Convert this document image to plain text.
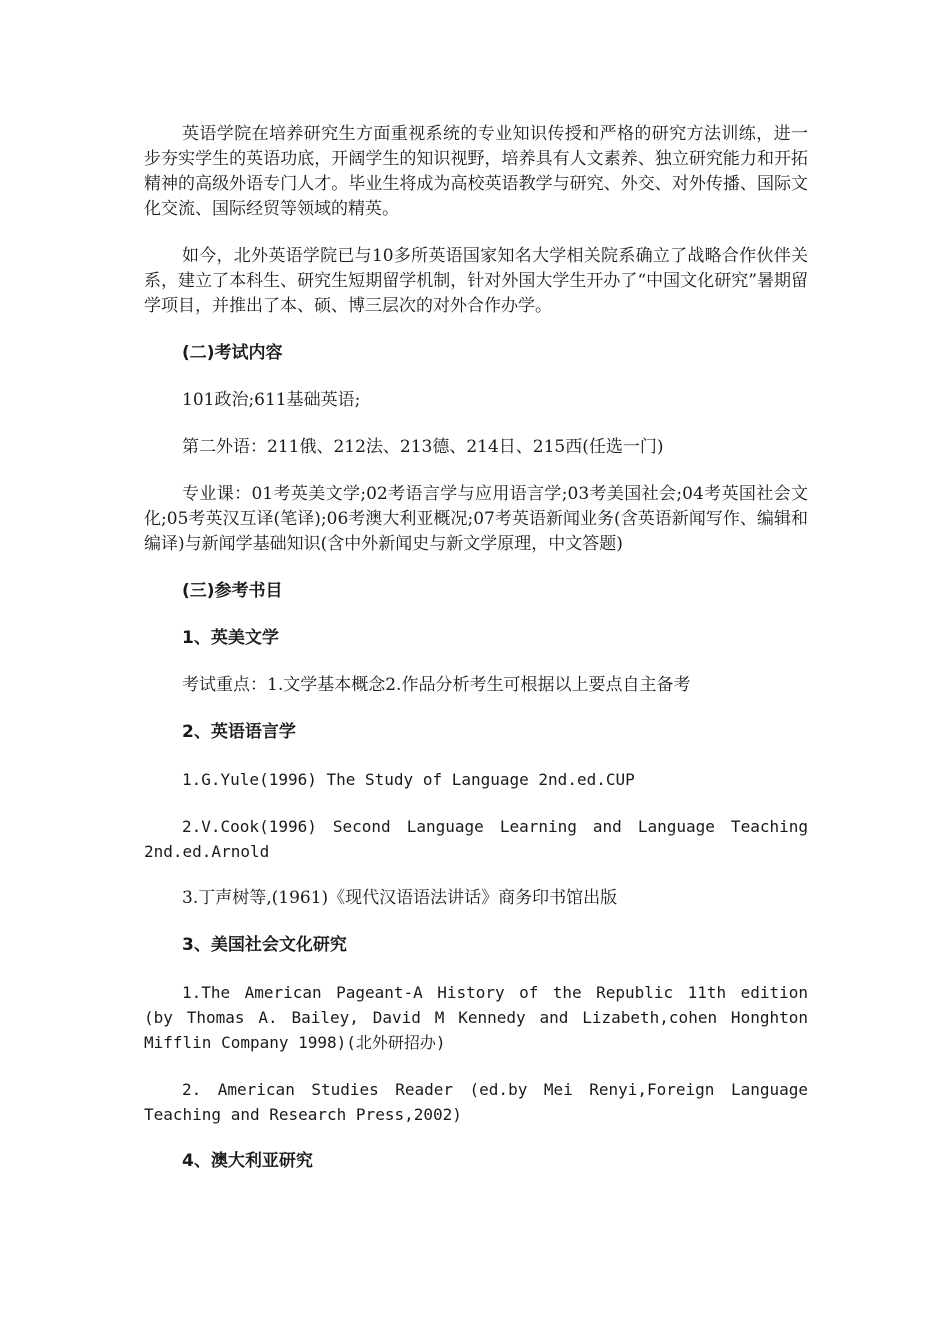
英语学院在培养研究生方面重视系统的专业知识传授和严格的研究方法训练，进一步夯实学生的英语功底，开阔学生的知识视野，培养具有人文素养、独立研究能力和开拓精神的高级外语专门人才。毕业生将成为高校英语教学与研究、外交、对外传播、国际文化交流、国际经贸等领域的精英。

如今，北外英语学院已与10多所英语国家知名大学相关院系确立了战略合作伙伴关系，建立了本科生、研究生短期留学机制，针对外国大学生开办了“中国文化研究”暑期留学项目，并推出了本、硕、博三层次的对外合作办学。

(二)考试内容

101政治;611基础英语;

第二外语：211俄、212法、213德、214日、215西(任选一门)

专业课：01考英美文学;02考语言学与应用语言学;03考美国社会;04考英国社会文化;05考英汉互译(笔译);06考澳大利亚概况;07考英语新闻业务(含英语新闻写作、编辑和编译)与新闻学基础知识(含中外新闻史与新文学原理，中文答题)

(三)参考书目

1、英美文学

考试重点：1.文学基本概念2.作品分析考生可根据以上要点自主备考

2、英语语言学

1.G.Yule(1996) The Study of Language 2nd.ed.CUP

2.V.Cook(1996) Second Language Learning and Language Teaching 2nd.ed.Arnold

3.丁声树等,(1961)《现代汉语语法讲话》商务印书馆出版

3、美国社会文化研究

1.The American Pageant-A History of the Republic 11th edition (by Thomas A. Bailey, David M Kennedy and Lizabeth,cohen Honghton Mifflin Company 1998)(北外研招办)

2. American Studies Reader (ed.by Mei Renyi,Foreign Language Teaching and Research Press,2002)

4、澳大利亚研究
